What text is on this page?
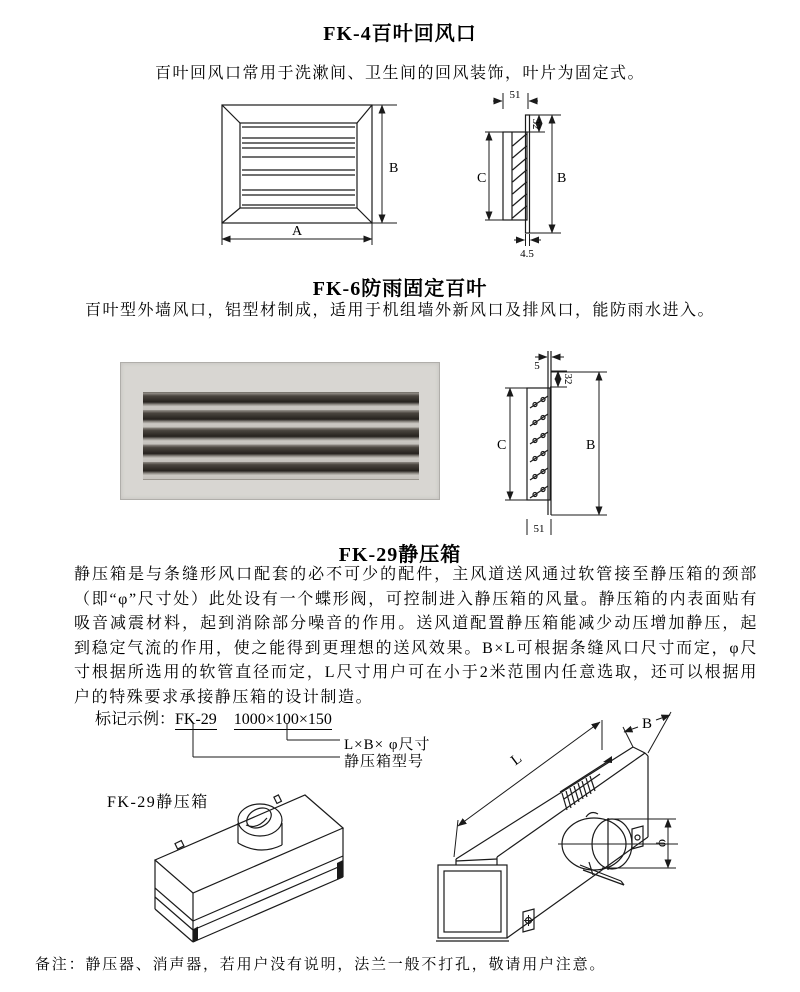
FK-4百叶回风口
百叶回风口常用于洗漱间、卫生间的回风装饰，叶片为固定式。
B
A
51
32
C	B
4.5
FK-6防雨固定百叶
百叶型外墙风口，铝型材制成，适用于机组墙外新风口及排风口，能防雨水进入。
5
32
C	B
51
FK-29静压箱
静压箱是与条缝形风口配套的必不可少的配件，主风道送风通过软管接至静压箱的颈部（即“φ”尺寸处）此处设有一个蝶形阀，可控制进入静压箱的风量。静压箱的内表面贴有吸音减震材料，起到消除部分噪音的作用。送风道配置静压箱能减少动压增加静压，起到稳定气流的作用，使之能得到更理想的送风效果。B×L可根据条缝风口尺寸而定，φ尺寸根据所选用的软管直径而定，L尺寸用户可在小于2米范围内任意选取，还可以根据用户的特殊要求承接静压箱的设计制造。
标记示例：FK-29 1000×100×150
L×B× φ尺寸
静压箱型号
FK-29静压箱
L
φ
B
备注：静压器、消声器，若用户没有说明，法兰一般不打孔，敬请用户注意。
